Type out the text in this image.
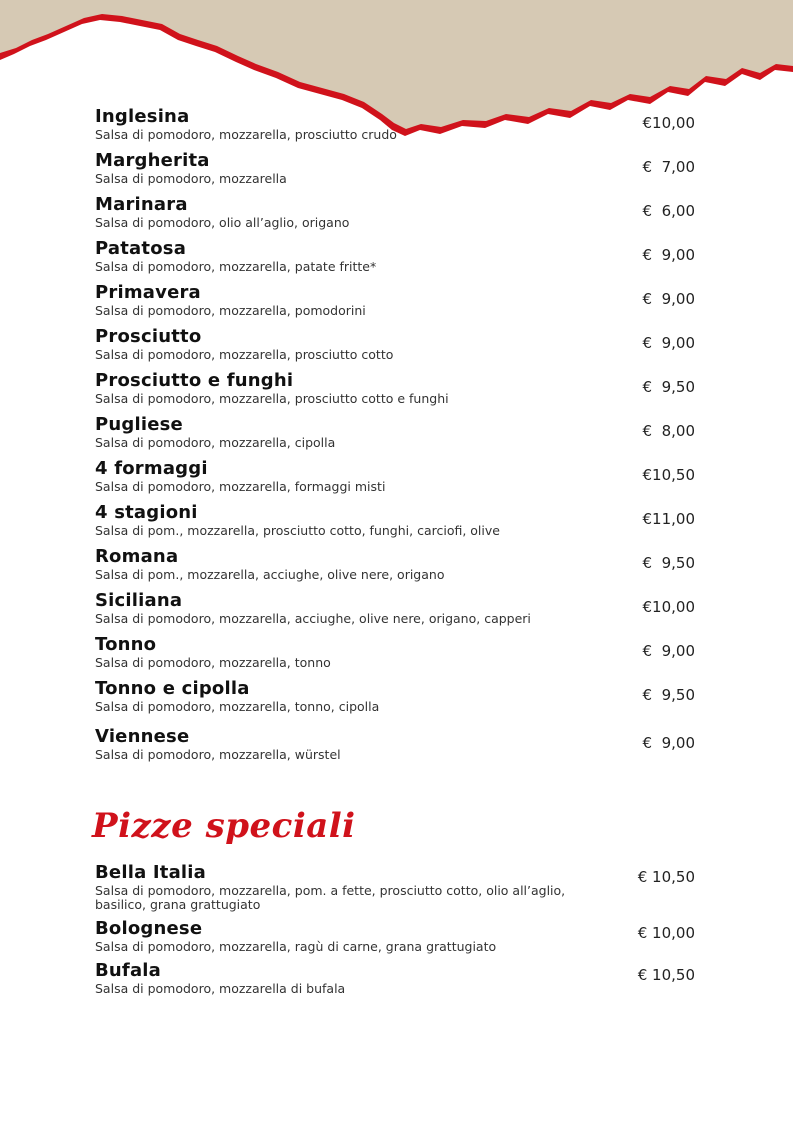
Inglesina
Salsa di pomodoro, mozzarella, prosciutto crudo
€10,00
Margherita
Salsa di pomodoro, mozzarella
€  7,00
Marinara
Salsa di pomodoro, olio all’aglio, origano
€  6,00
Patatosa
Salsa di pomodoro, mozzarella, patate fritte*
€  9,00
Primavera
Salsa di pomodoro, mozzarella, pomodorini
€  9,00
Prosciutto
Salsa di pomodoro, mozzarella, prosciutto cotto
€  9,00
Prosciutto e funghi
Salsa di pomodoro, mozzarella, prosciutto cotto e funghi
€  9,50
Pugliese
Salsa di pomodoro, mozzarella, cipolla
€  8,00
4 formaggi
Salsa di pomodoro, mozzarella, formaggi misti
€10,50
4 stagioni
Salsa di pom., mozzarella, prosciutto cotto, funghi, carciofi, olive
€11,00
Romana
Salsa di pom., mozzarella, acciughe, olive nere, origano
€  9,50
Siciliana
Salsa di pomodoro, mozzarella, acciughe, olive nere, origano, capperi
€10,00
Tonno
Salsa di pomodoro, mozzarella, tonno
€  9,00
Tonno e cipolla
Salsa di pomodoro, mozzarella, tonno, cipolla
€  9,50
Viennese
Salsa di pomodoro, mozzarella, würstel
€  9,00
Pizze speciali
Bella Italia
Salsa di pomodoro, mozzarella, pom. a fette, prosciutto cotto, olio all’aglio, basilico, grana grattugiato
€ 10,50
Bolognese
Salsa di pomodoro, mozzarella, ragù di carne, grana grattugiato
€ 10,00
Bufala
Salsa di pomodoro, mozzarella di bufala
€ 10,50
